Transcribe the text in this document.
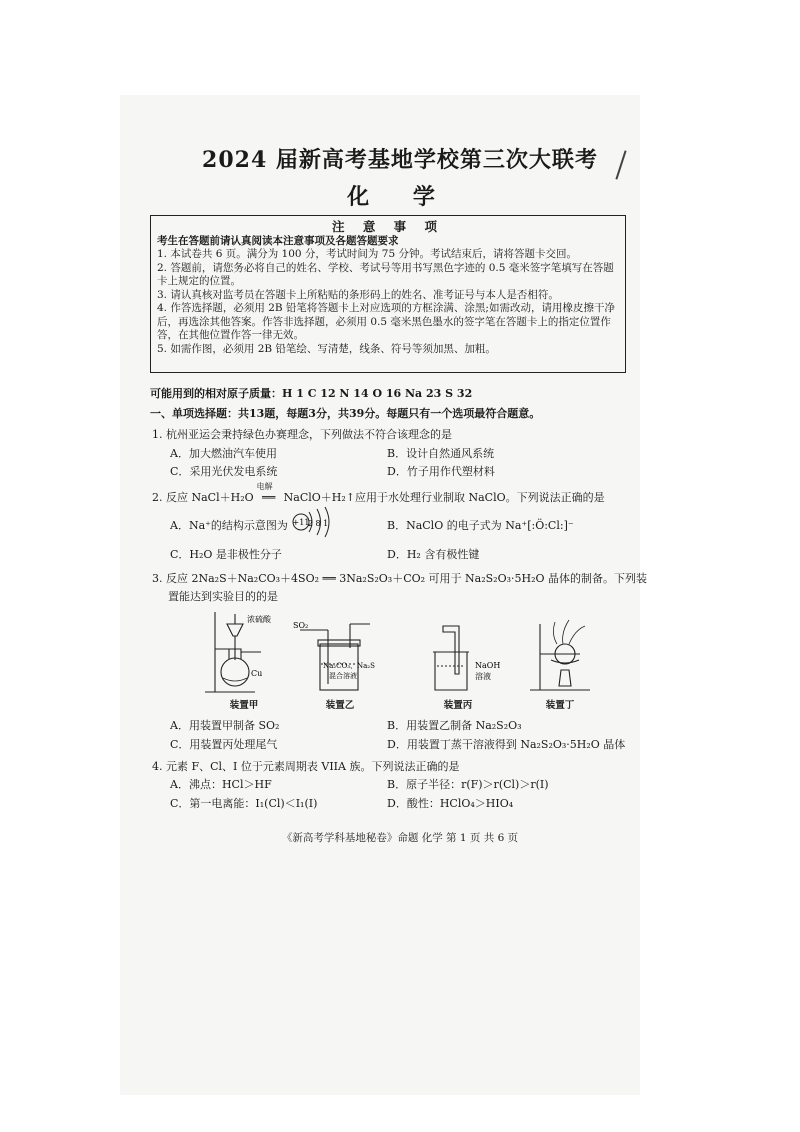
2024 届新高考基地学校第三次大联考
化 学
注 意 事 项
考生在答题前请认真阅读本注意事项及各题答题要求
1. 本试卷共 6 页。满分为 100 分，考试时间为 75 分钟。考试结束后，请将答题卡交回。
2. 答题前，请您务必将自己的姓名、学校、考试号等用书写黑色字迹的 0.5 毫米签字笔填写在答题卡上规定的位置。
3. 请认真核对监考员在答题卡上所粘贴的条形码上的姓名、准考证号与本人是否相符。
4. 作答选择题，必须用 2B 铅笔将答题卡上对应选项的方框涂满、涂黑;如需改动，请用橡皮擦干净后，再选涂其他答案。作答非选择题，必须用 0.5 毫米黑色墨水的签字笔在答题卡上的指定位置作答，在其他位置作答一律无效。
5. 如需作图，必须用 2B 铅笔绘、写清楚，线条、符号等须加黑、加粗。
可能用到的相对原子质量：H 1 C 12 N 14 O 16 Na 23 S 32
一、单项选择题：共13题，每题3分，共39分。每题只有一个选项最符合题意。
1. 杭州亚运会秉持绿色办赛理念，下列做法不符合该理念的是
A．加大燃油汽车使用	B．设计自然通风系统
C．采用光伏发电系统	D．竹子用作代塑材料
2. 反应 NaCl＋H₂O
电解
══ NaClO＋H₂↑应用于水处理行业制取 NaClO。下列说法正确的是
A．Na⁺的结构示意图为 +11
2 8 1	B．NaClO 的电子式为 Na⁺[:Ö:Cl:]⁻
C．H₂O 是非极性分子	D．H₂ 含有极性键
3. 反应 2Na₂S＋Na₂CO₃＋4SO₂ ══ 3Na₂S₂O₃＋CO₂ 可用于 Na₂S₂O₃·5H₂O 晶体的制备。下列装
置能达到实验目的的是
浓硫酸
Cu
SO₂
Na₂CO₃、Na₂S
混合溶液
NaOH
溶液
装置甲	装置乙	装置丙	装置丁
A．用装置甲制备 SO₂	B．用装置乙制备 Na₂S₂O₃
C．用装置丙处理尾气	D．用装置丁蒸干溶液得到 Na₂S₂O₃·5H₂O 晶体
4. 元素 F、Cl、I 位于元素周期表 VIIA 族。下列说法正确的是
A．沸点：HCl＞HF	B．原子半径：r(F)＞r(Cl)＞r(I)
C．第一电离能：I₁(Cl)＜I₁(I)	D．酸性：HClO₄＞HIO₄
《新高考学科基地秘卷》命题 化学 第 1 页 共 6 页
